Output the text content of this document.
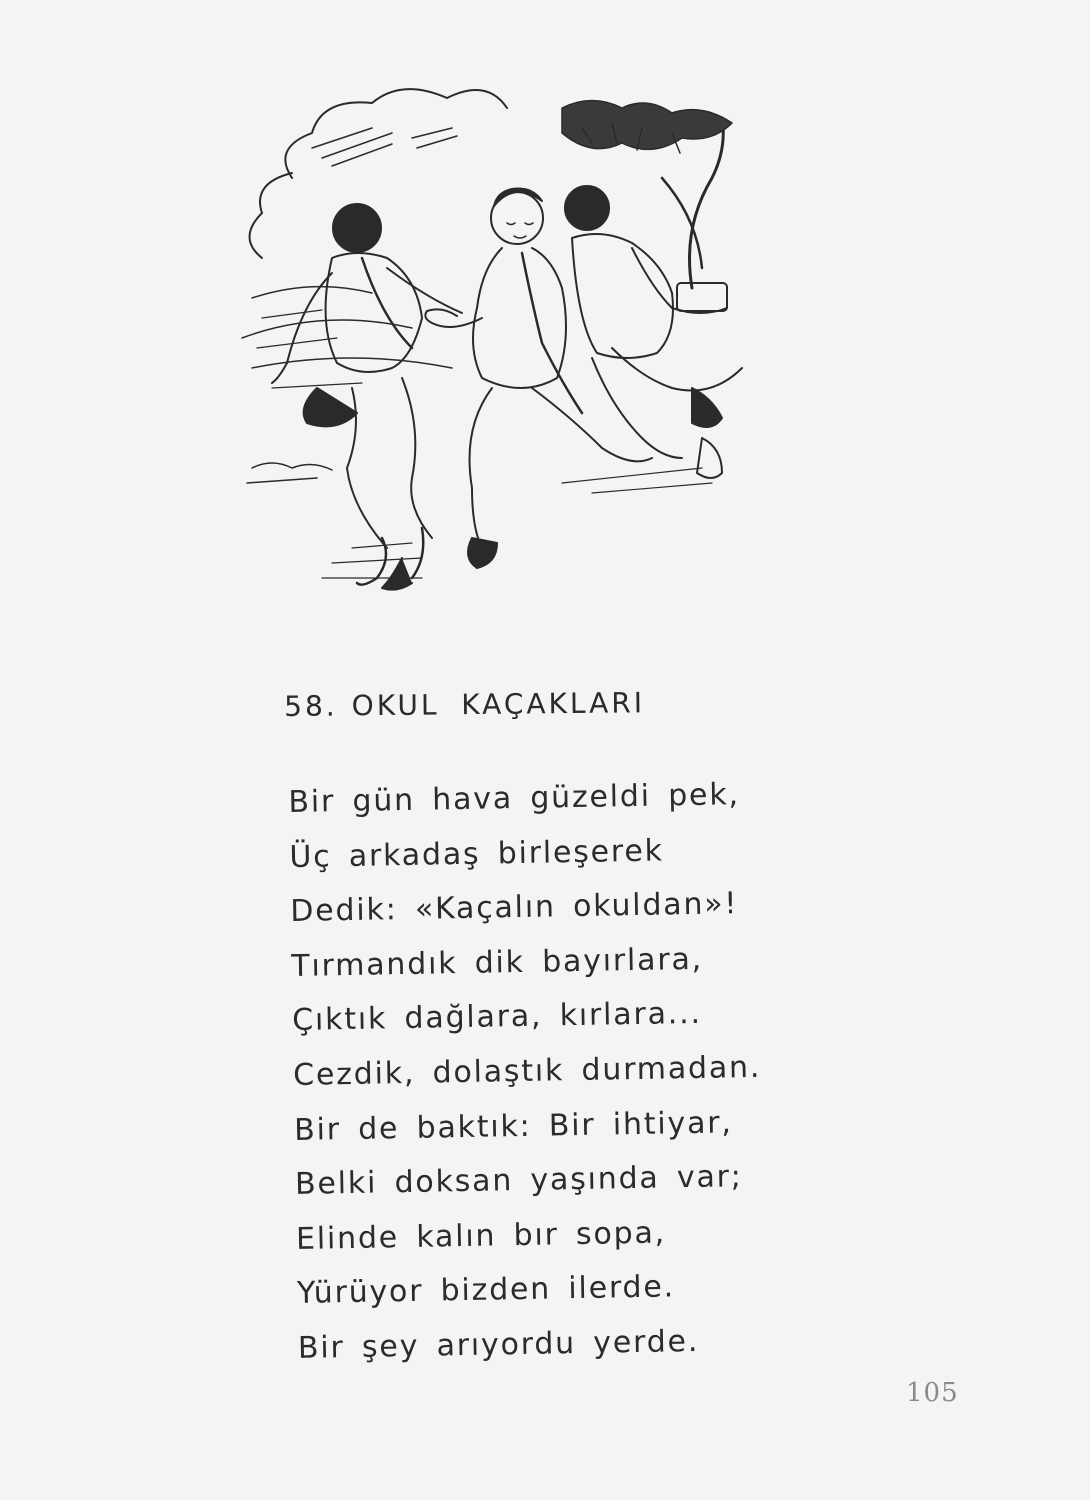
58. OKUL KAÇAKLARI
Bir gün hava güzeldi pek,
Üç arkadaş birleşerek
Dedik: «Kaçalın okuldan»!
Tırmandık dik bayırlara,
Çıktık dağlara, kırlara...
Cezdik, dolaştık durmadan.
Bir de baktık: Bir ihtiyar,
Belki doksan yaşında var;
Elinde kalın bır sopa,
Yürüyor bizden ilerde.
Bir şey arıyordu yerde.
105
